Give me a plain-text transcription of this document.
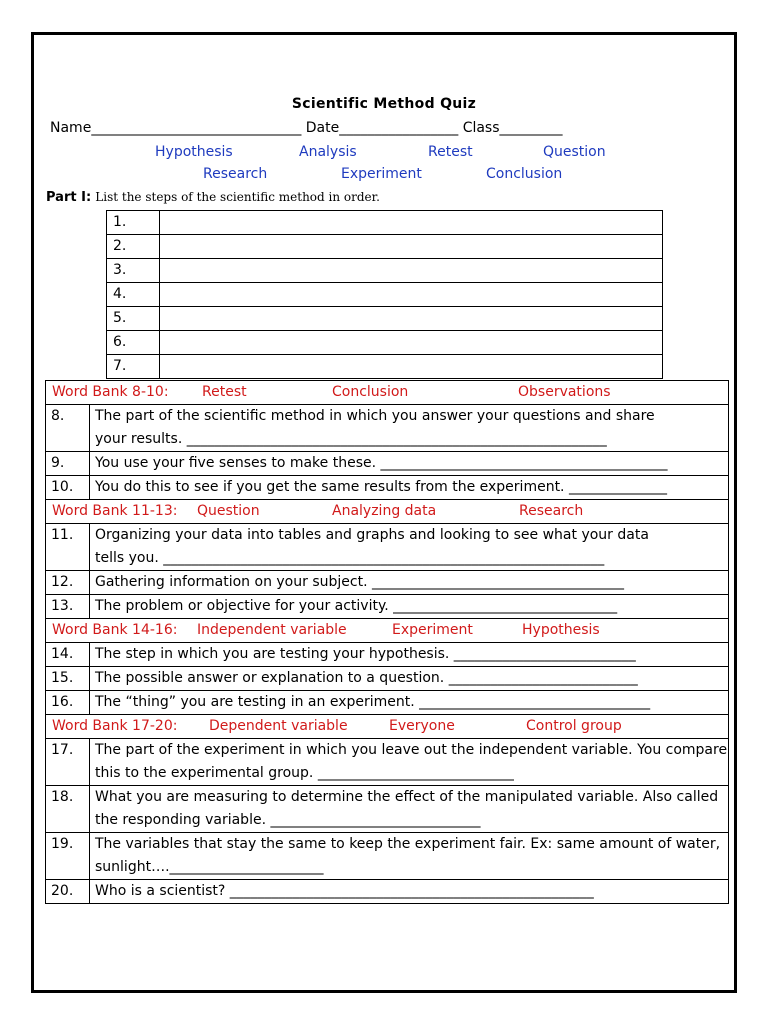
Scientific Method Quiz
Name______________________________ Date_________________ Class_________
Hypothesis	Analysis	Retest	Question
Research	Experiment	Conclusion
Part I: List the steps of the scientific method in order.
1.	
2.	
3.	
4.	
5.	
6.	
7.	
Word Bank 8-10: Retest Conclusion Observations	
8.	The part of the scientific method in which you answer your questions and share
your results. ____________________________________________________________

9.	You use your five senses to make these. _________________________________________

10.	You do this to see if you get the same results from the experiment. ______________

Word Bank 11-13: Question Analyzing data Research	
11.	Organizing your data into tables and graphs and looking to see what your data
tells you. _______________________________________________________________

12.	Gathering information on your subject. ____________________________________

13.	The problem or objective for your activity. ________________________________

Word Bank 14-16: Independent variable Experiment Hypothesis	
14.	The step in which you are testing your hypothesis. __________________________

15.	The possible answer or explanation to a question. ___________________________

16.	The “thing” you are testing in an experiment. _________________________________

Word Bank 17-20: Dependent variable Everyone Control group	
17.	The part of the experiment in which you leave out the independent variable. You compare
this to the experimental group. ____________________________

18.	What you are measuring to determine the effect of the manipulated variable. Also called
the responding variable. ______________________________

19.	The variables that stay the same to keep the experiment fair. Ex: same amount of water,
sunlight….______________________

20.	Who is a scientist? ____________________________________________________
